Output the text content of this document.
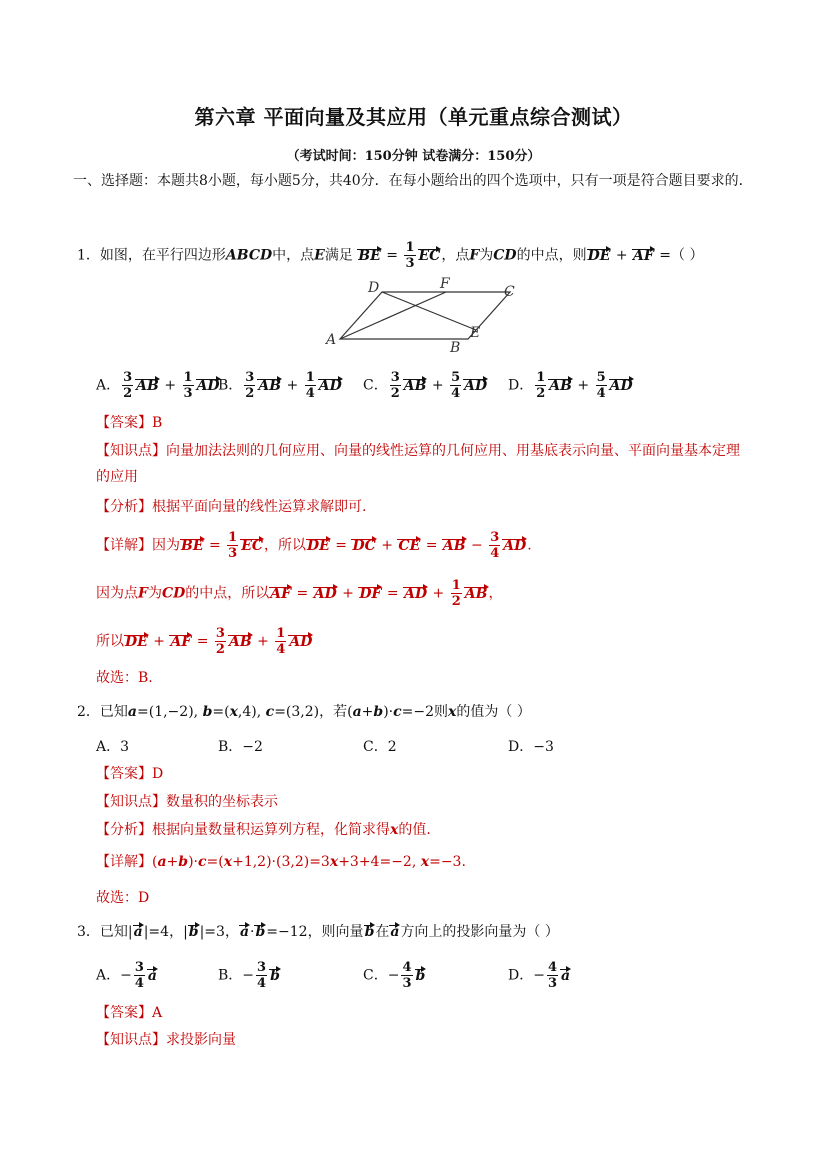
第六章 平面向量及其应用（单元重点综合测试）
（考试时间：150分钟 试卷满分：150分）
一、选择题：本题共8小题，每小题5分，共40分．在每小题给出的四个选项中，只有一项是符合题目要求的．
1．如图，在平行四边形ABCD中，点E满足 BE = $\frac{1}{3}$ EC，点F为CD的中点，则DE + AF =（ ）
D	F	C
A	B
E
A． $\frac{3}{2}$ AB + $\frac{1}{3}$ AD
B． $\frac{3}{2}$ AB + $\frac{1}{4}$ AD C． $\frac{3}{2}$ AB + $\frac{5}{4}$ AD D． $\frac{1}{2}$ AB + $\frac{5}{4}$ AD
【答案】B
【知识点】向量加法法则的几何应用、向量的线性运算的几何应用、用基底表示向量、平面向量基本定理的应用
【分析】根据平面向量的线性运算求解即可.
【详解】因为BE = $\frac{1}{3}$ EC，所以DE = DC + CE = AB − $\frac{3}{4}$ AD.
因为点F为CD的中点，所以AF = AD + DF = AD + $\frac{1}{2}$ AB，
所以DE + AF = $\frac{3}{2}$ AB + $\frac{1}{4}$ AD
故选：B.
2．已知a=(1,−2), b=(x,4), c=(3,2)，若(a+b)·c=−2则x的值为（ ）
A．3	B．−2	C．2	D．−3
【答案】D
【知识点】数量积的坐标表示
【分析】根据向量数量积运算列方程，化简求得x的值.
【详解】(a+b)·c=(x+1,2)·(3,2)=3x+3+4=−2, x=−3.
故选：D
3．已知|a|=4，|b|=3，a·b=−12，则向量b在a方向上的投影向量为（ ）
A．− $\frac{3}{4}$ a	B．− $\frac{3}{4}$ b	C．− $\frac{4}{3}$ b	D．− $\frac{4}{3}$ a
【答案】A
【知识点】求投影向量
